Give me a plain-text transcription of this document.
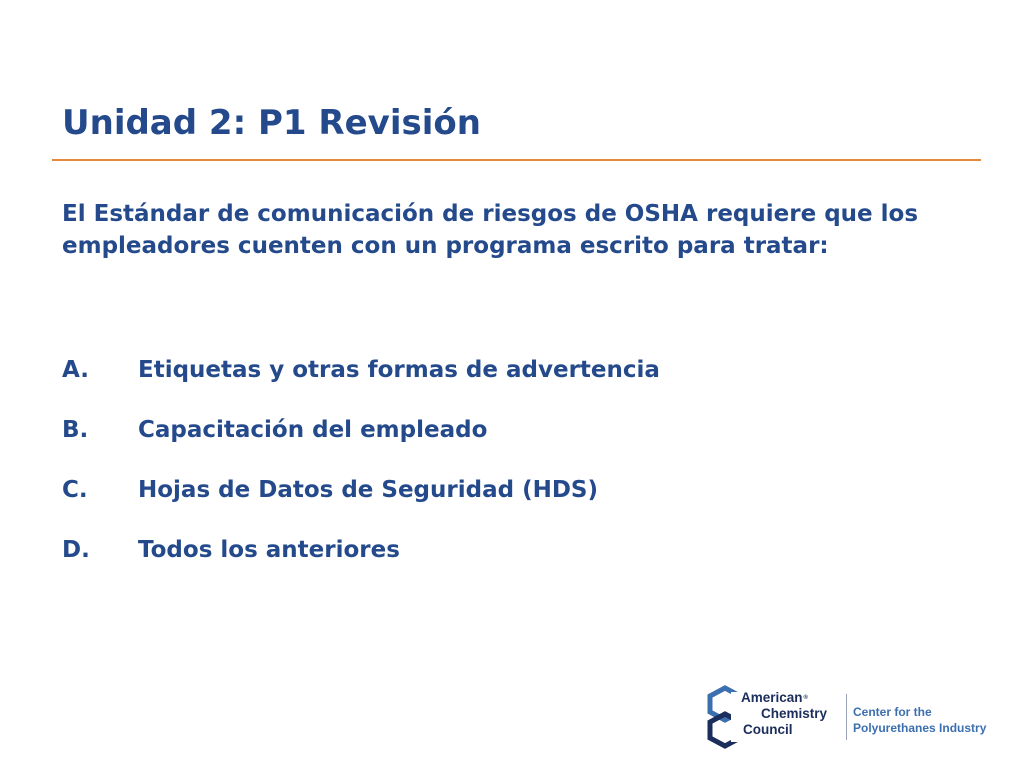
Unidad 2: P1 Revisión

El Estándar de comunicación de riesgos de OSHA requiere que los empleadores cuenten con un programa escrito para tratar:

A.	Etiquetas y otras formas de advertencia
B.	Capacitación del empleado
C.	Hojas de Datos de Seguridad (HDS)
D.	Todos los anteriores
American®
Chemistry
Council
Center for the
Polyurethanes Industry
